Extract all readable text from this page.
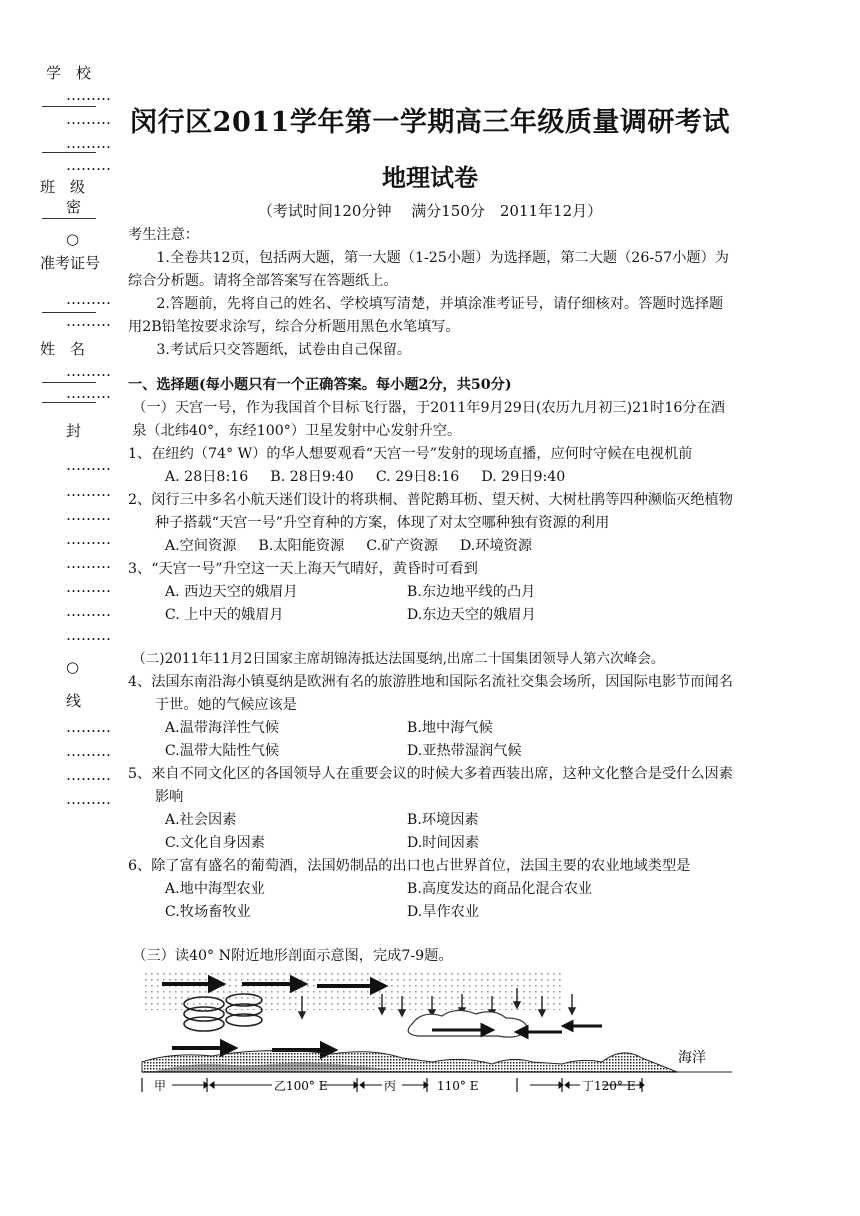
学　校
………
………
………
………
班　级
密
○
准考证号
………
………
姓　名
………
………
封
………
………
………
………
………
………
………
………
○
线
………
………
………
………
闵行区2011学年第一学期高三年级质量调研考试
地理试卷
（考试时间120分钟　 满分150分　2011年12月）

考生注意：

1.全卷共12页，包括两大题，第一大题（1-25小题）为选择题，第二大题（26-57小题）为综合分析题。请将全部答案写在答题纸上。

2.答题前，先将自己的姓名、学校填写清楚，并填涂准考证号，请仔细核对。答题时选择题用2B铅笔按要求涂写，综合分析题用黑色水笔填写。

3.考试后只交答题纸，试卷由自己保留。

一、选择题(每小题只有一个正确答案。每小题2分，共50分)

（一）天宫一号，作为我国首个目标飞行器，于2011年9月29日(农历九月初三)21时16分在酒泉（北纬40°，东经100°）卫星发射中心发射升空。

1、在纽约（74° W）的华人想要观看“天宫一号”发射的现场直播，应何时守候在电视机前

A. 28日8:16 B. 28日9:40 C. 29日8:16 D. 29日9:40

2、闵行三中多名小航天迷们设计的将珙桐、普陀鹅耳枥、望天树、大树杜鹃等四种濒临灭绝植物种子搭载“天宫一号”升空育种的方案，体现了对太空哪种独有资源的利用

A.空间资源 B.太阳能资源 C.矿产资源 D.环境资源

3、“天宫一号”升空这一天上海天气晴好，黄昏时可看到

A. 西边天空的娥眉月	B.东边地平线的凸月
C. 上中天的娥眉月	D.东边天空的娥眉月

（二)2011年11月2日国家主席胡锦涛抵达法国戛纳,出席二十国集团领导人第六次峰会。

4、法国东南沿海小镇戛纳是欧洲有名的旅游胜地和国际名流社交集会场所，因国际电影节而闻名于世。她的气候应该是

A.温带海洋性气候	B.地中海气候
C.温带大陆性气候	D.亚热带湿润气候

5、来自不同文化区的各国领导人在重要会议的时候大多着西装出席，这种文化整合是受什么因素影响

A.社会因素	B.环境因素
C.文化自身因素	D.时间因素

6、除了富有盛名的葡萄酒，法国奶制品的出口也占世界首位，法国主要的农业地域类型是

A.地中海型农业	B.高度发达的商品化混合农业
C.牧场畜牧业	D.旱作农业

（三）读40° N附近地形剖面示意图，完成7-9题。

海洋
甲	乙100° E	丙	110° E	丁120° E
